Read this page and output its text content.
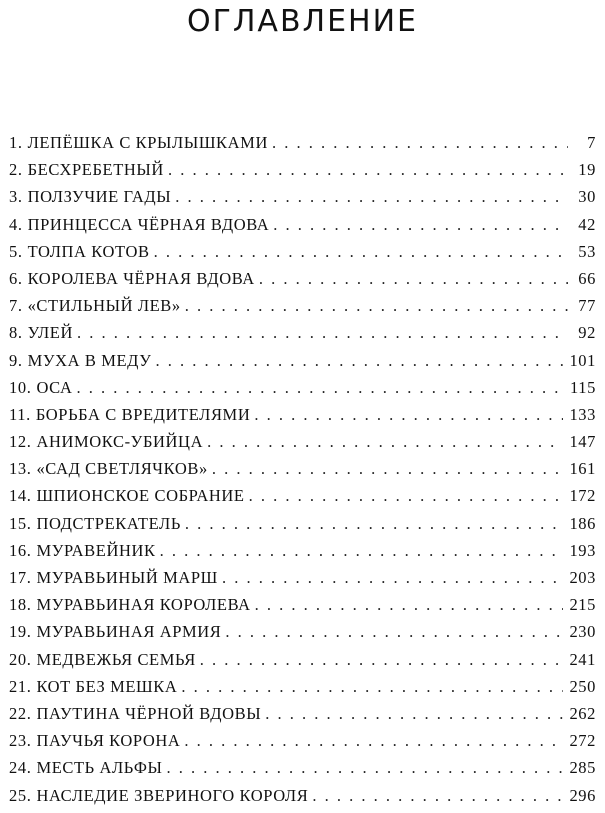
ОГЛАВЛЕНИЕ
1. ЛЕПЁШКА С КРЫЛЫШКАМИ . . .	7
2. БЕСХРЕБЕТНЫЙ . . .	19
3. ПОЛЗУЧИЕ ГАДЫ . . .	30
4. ПРИНЦЕССА ЧЁРНАЯ ВДОВА . . .	42
5. ТОЛПА КОТОВ . . .	53
6. КОРОЛЕВА ЧЁРНАЯ ВДОВА . . .	66
7. «СТИЛЬНЫЙ ЛЕВ» . . .	77
8. УЛЕЙ . . .	92
9. МУХА В МЕДУ . . .	101
10. ОСА . . .	115
11. БОРЬБА С ВРЕДИТЕЛЯМИ . . .	133
12. АНИМОКС-УБИЙЦА . . .	147
13. «САД СВЕТЛЯЧКОВ» . . .	161
14. ШПИОНСКОЕ СОБРАНИЕ . . .	172
15. ПОДСТРЕКАТЕЛЬ . . .	186
16. МУРАВЕЙНИК . . .	193
17. МУРАВЬИНЫЙ МАРШ . . .	203
18. МУРАВЬИНАЯ КОРОЛЕВА . . .	215
19. МУРАВЬИНАЯ АРМИЯ . . .	230
20. МЕДВЕЖЬЯ СЕМЬЯ . . .	241
21. КОТ БЕЗ МЕШКА . . .	250
22. ПАУТИНА ЧЁРНОЙ ВДОВЫ . . .	262
23. ПАУЧЬЯ КОРОНА . . .	272
24. МЕСТЬ АЛЬФЫ . . .	285
25. НАСЛЕДИЕ ЗВЕРИНОГО КОРОЛЯ . . .	296
